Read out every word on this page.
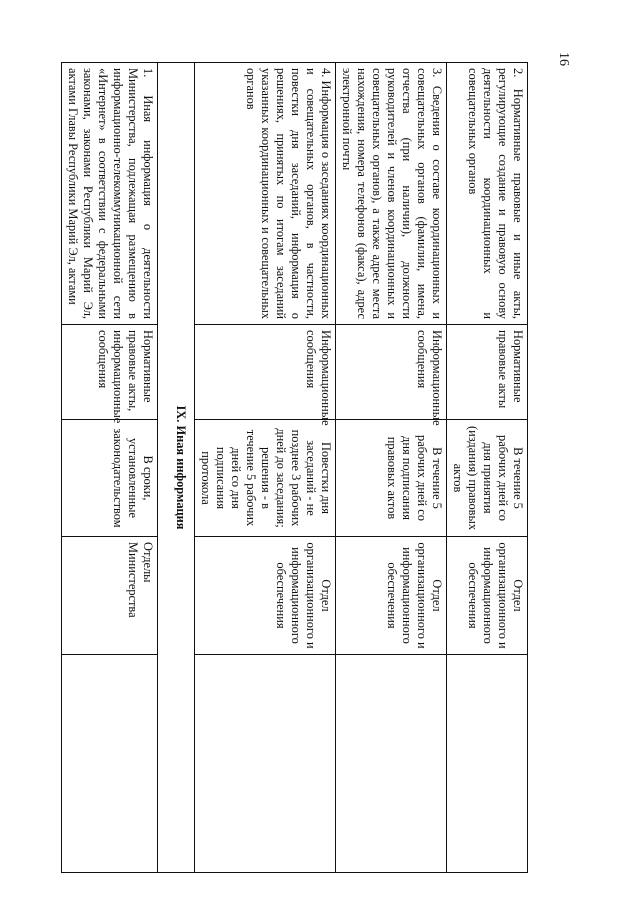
16
2. Нормативные правовые и иные акты, регулирующие создание и правовую основу деятельности координационных и совещательных органов	Нормативные правовые акты	В течение 5 рабочих дней со дня принятия (издания) правовых актов	Отдел организационного и информационного обеспечения	
3. Сведения о составе координационных и совещательных органов (фамилии, имена, отчества (при наличии), должности руководителей и членов координационных и совещательных органов), а также адрес места нахождения, номера телефонов (факса), адрес электронной почты	Информационные сообщения	В течение 5 рабочих дней со дня подписания правовых актов	Отдел организационного и информационного обеспечения	
4. Информация о заседаниях координационных и совещательных органов, в частности, повестки дня заседаний, информация о решениях, принятых по итогам заседаний указанных координационных и совещательных органов	Информационные сообщения	Повестки дня заседаний - не позднее 3 рабочих дней до заседания;
решения - в течение 5 рабочих дней со дня подписания протокола	Отдел организационного и информационного обеспечения	
IX. Иная информация				
1. Иная информация о деятельности Министерства, подлежащая размещению в информационно-телекоммуникационной сети «Интернет» в соответствии с федеральными законами, законами Республики Марий Эл, актами Главы Республики Марий Эл, актами	Нормативные правовые акты, информационные сообщения	В сроки, установленные законодательством	Отделы Министерства	
